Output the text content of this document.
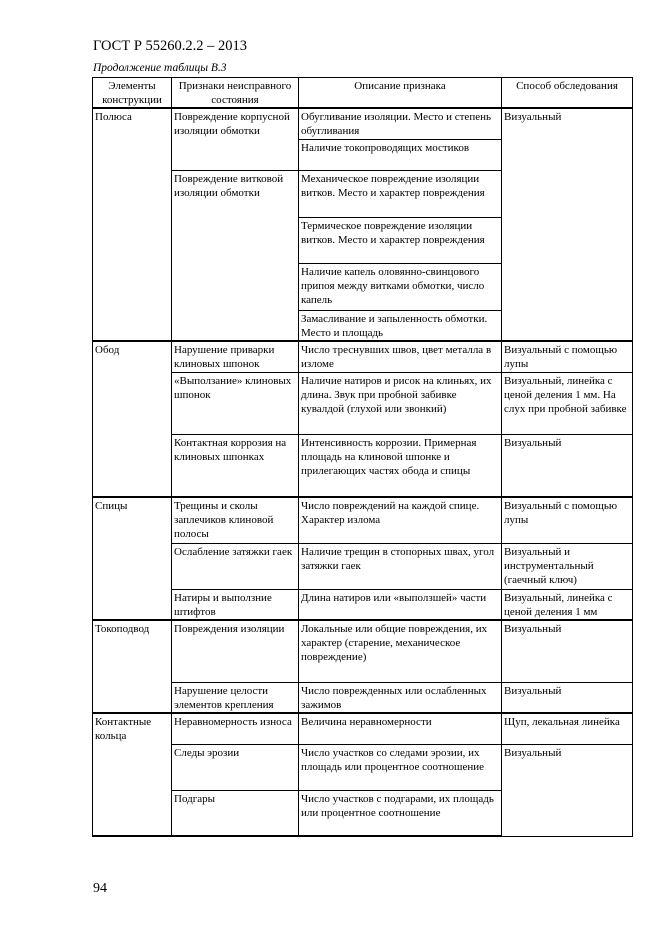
ГОСТ Р 55260.2.2 – 2013
Продолжение таблицы В.3
Элементы конструкции	Признаки неисправного состояния	Описание признака	Способ обследования
Полюса	Повреждение корпусной изоляции обмотки	Обугливание изоляции. Место и степень обугливания	Визуальный
		Наличие токопроводящих мостиков	
	Повреждение витковой изоляции обмотки	Механическое повреждение изоляции витков. Место и характер повреждения	
		Термическое повреждение изоляции витков. Место и характер повреждения	
		Наличие капель оловянно-свинцового припоя между витками обмотки, число капель	
		Замасливание и запыленность обмотки. Место и площадь	
Обод	Нарушение приварки клиновых шпонок	Число треснувших швов, цвет металла в изломе	Визуальный с помощью лупы
	«Выползание» клиновых шпонок	Наличие натиров и рисок на клиньях, их длина. Звук при пробной забивке кувалдой (глухой или звонкий)	Визуальный, линейка с ценой деления 1 мм. На слух при пробной забивке
	Контактная коррозия на клиновых шпонках	Интенсивность коррозии. Примерная площадь на клиновой шпонке и прилегающих частях обода и спицы	Визуальный
Спицы	Трещины и сколы заплечиков клиновой полосы	Число повреждений на каждой спице. Характер излома	Визуальный с помощью лупы
	Ослабление затяжки гаек	Наличие трещин в стопорных швах, угол затяжки гаек	Визуальный и инструментальный (гаечный ключ)
	Натиры и выползние штифтов	Длина натиров или «выползшей» части	Визуальный, линейка с ценой деления 1 мм
Токоподвод	Повреждения изоляции	Локальные или общие повреждения, их характер (старение, механическое повреждение)	Визуальный
	Нарушение целости элементов крепления	Число поврежденных или ослабленных зажимов	Визуальный
Контактные кольца	Неравномерность износа	Величина неравномерности	Щуп, лекальная линейка
	Следы эрозии	Число участков со следами эрозии, их площадь или процентное соотношение	Визуальный
	Подгары	Число участков с подгарами, их площадь или процентное соотношение	
94
